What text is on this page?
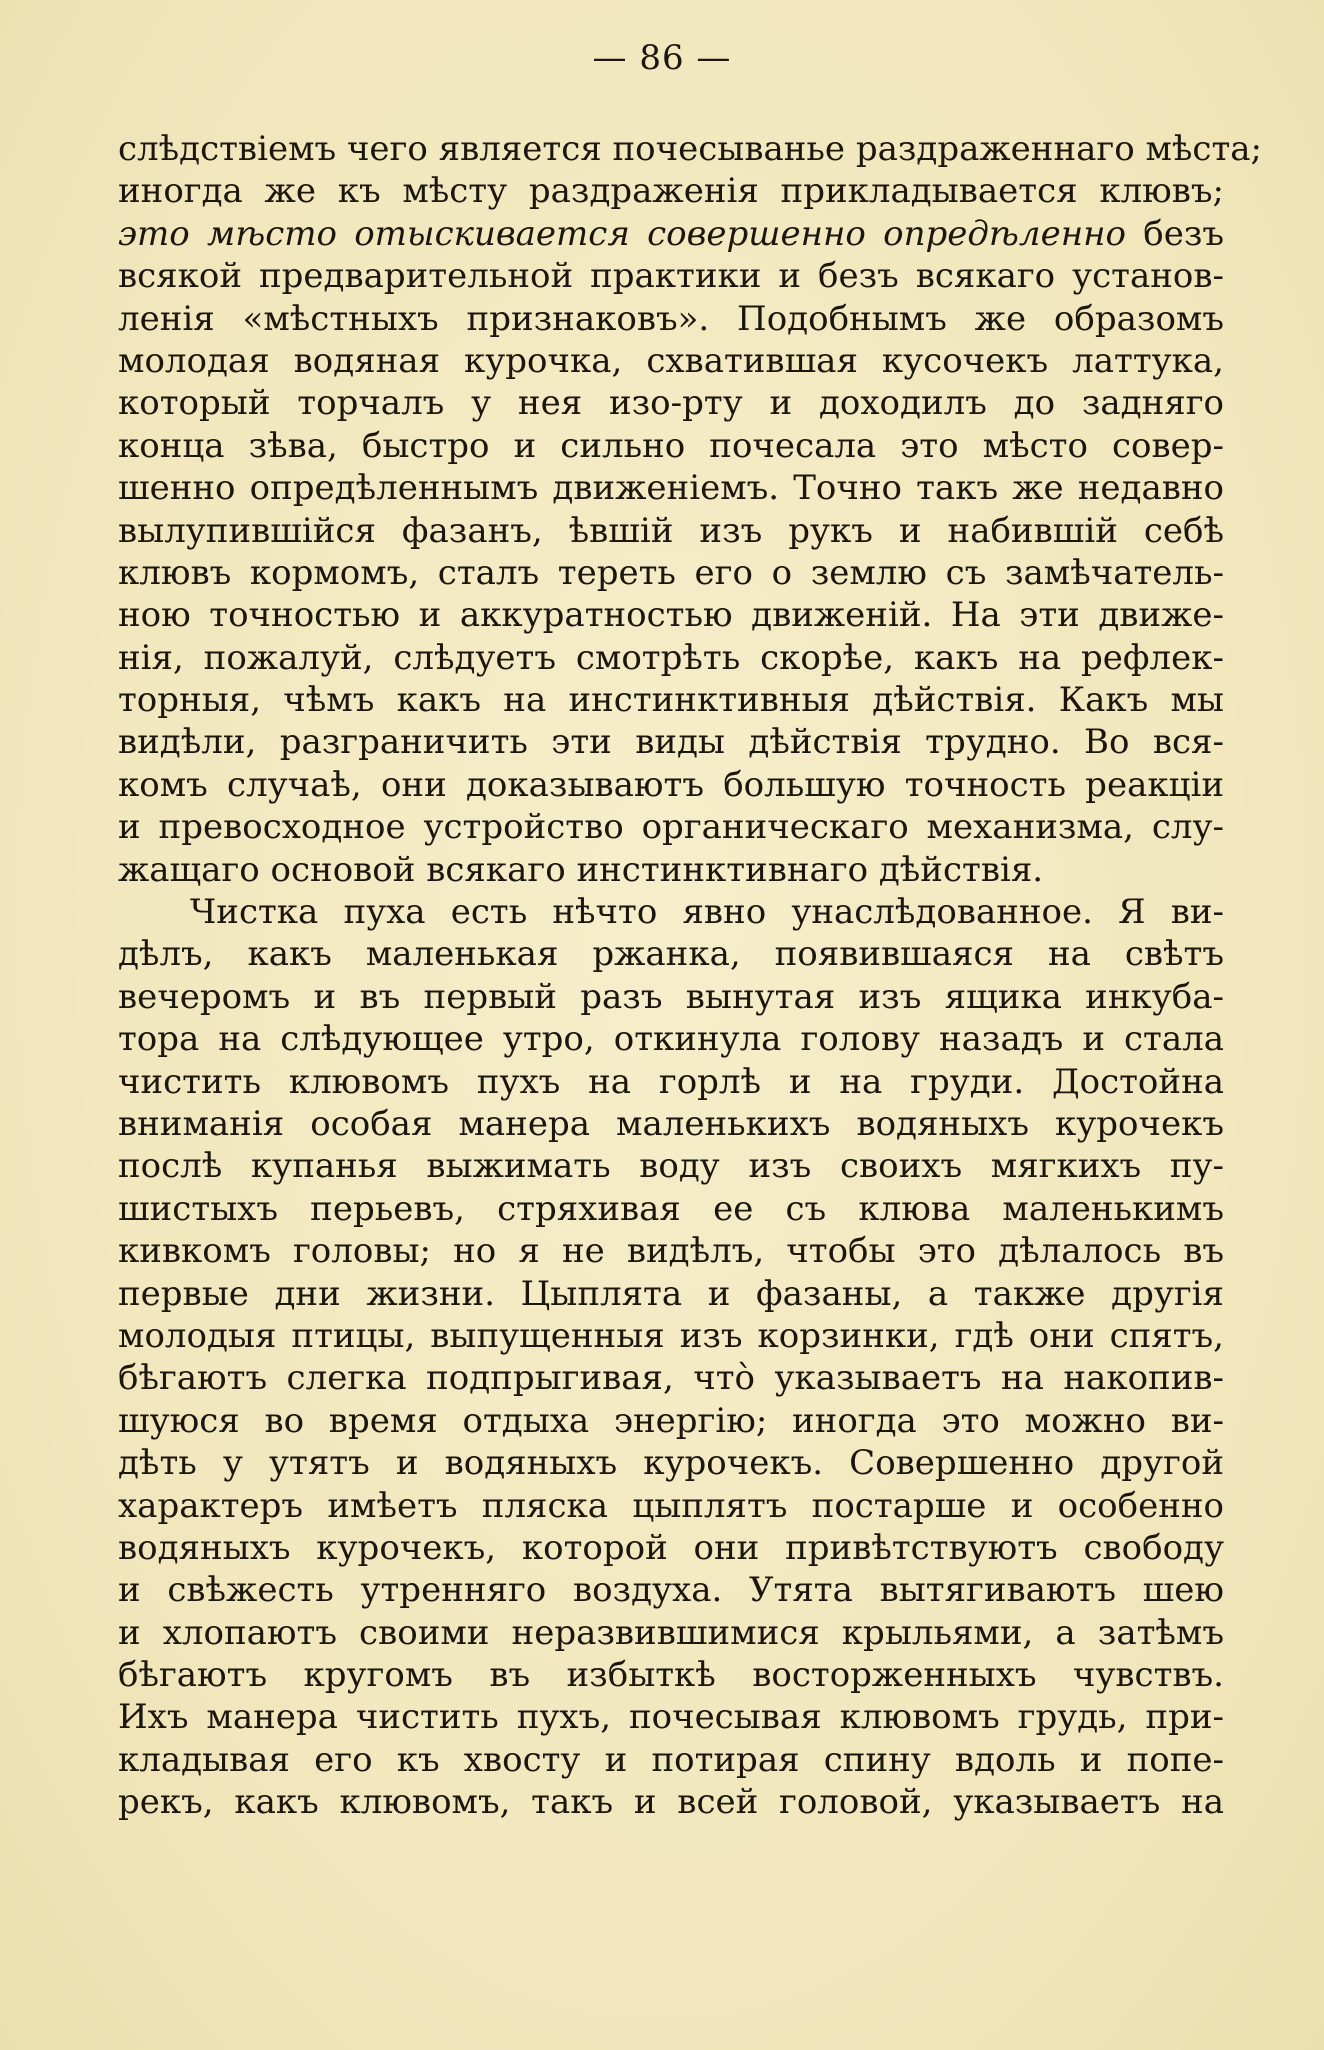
— 86 —
слѣдствіемъ чего является почесыванье раздраженнаго мѣста;
иногда же къ мѣсту раздраженія прикладывается клювъ;
это мѣсто отыскивается совершенно опредѣленно безъ
всякой предварительной практики и безъ всякаго установ-
ленія «мѣстныхъ признаковъ». Подобнымъ же образомъ
молодая водяная курочка, схватившая кусочекъ латтука,
который торчалъ у нея изо-рту и доходилъ до задняго
конца зѣва, быстро и сильно почесала это мѣсто совер-
шенно опредѣленнымъ движеніемъ. Точно такъ же недавно
вылупившійся фазанъ, ѣвшій изъ рукъ и набившій себѣ
клювъ кормомъ, сталъ тереть его о землю съ замѣчатель-
ною точностью и аккуратностью движеній. На эти движе-
нія, пожалуй, слѣдуетъ смотрѣть скорѣе, какъ на рефлек-
торныя, чѣмъ какъ на инстинктивныя дѣйствія. Какъ мы
видѣли, разграничить эти виды дѣйствія трудно. Во вся-
комъ случаѣ, они доказываютъ большую точность реакціи
и превосходное устройство органическаго механизма, слу-
жащаго основой всякаго инстинктивнаго дѣйствія.
Чистка пуха есть нѣчто явно унаслѣдованное. Я ви-
дѣлъ, какъ маленькая ржанка, появившаяся на свѣтъ
вечеромъ и въ первый разъ вынутая изъ ящика инкуба-
тора на слѣдующее утро, откинула голову назадъ и стала
чистить клювомъ пухъ на горлѣ и на груди. Достойна
вниманія особая манера маленькихъ водяныхъ курочекъ
послѣ купанья выжимать воду изъ своихъ мягкихъ пу-
шистыхъ перьевъ, стряхивая ее съ клюва маленькимъ
кивкомъ головы; но я не видѣлъ, чтобы это дѣлалось въ
первые дни жизни. Цыплята и фазаны, а также другія
молодыя птицы, выпущенныя изъ корзинки, гдѣ они спятъ,
бѣгаютъ слегка подпрыгивая, что̀ указываетъ на накопив-
шуюся во время отдыха энергію; иногда это можно ви-
дѣть у утятъ и водяныхъ курочекъ. Совершенно другой
характеръ имѣетъ пляска цыплятъ постарше и особенно
водяныхъ курочекъ, которой они привѣтствуютъ свободу
и свѣжесть утренняго воздуха. Утята вытягиваютъ шею
и хлопаютъ своими неразвившимися крыльями, а затѣмъ
бѣгаютъ кругомъ въ избыткѣ восторженныхъ чувствъ.
Ихъ манера чистить пухъ, почесывая клювомъ грудь, при-
кладывая его къ хвосту и потирая спину вдоль и попе-
рекъ, какъ клювомъ, такъ и всей головой, указываетъ на
